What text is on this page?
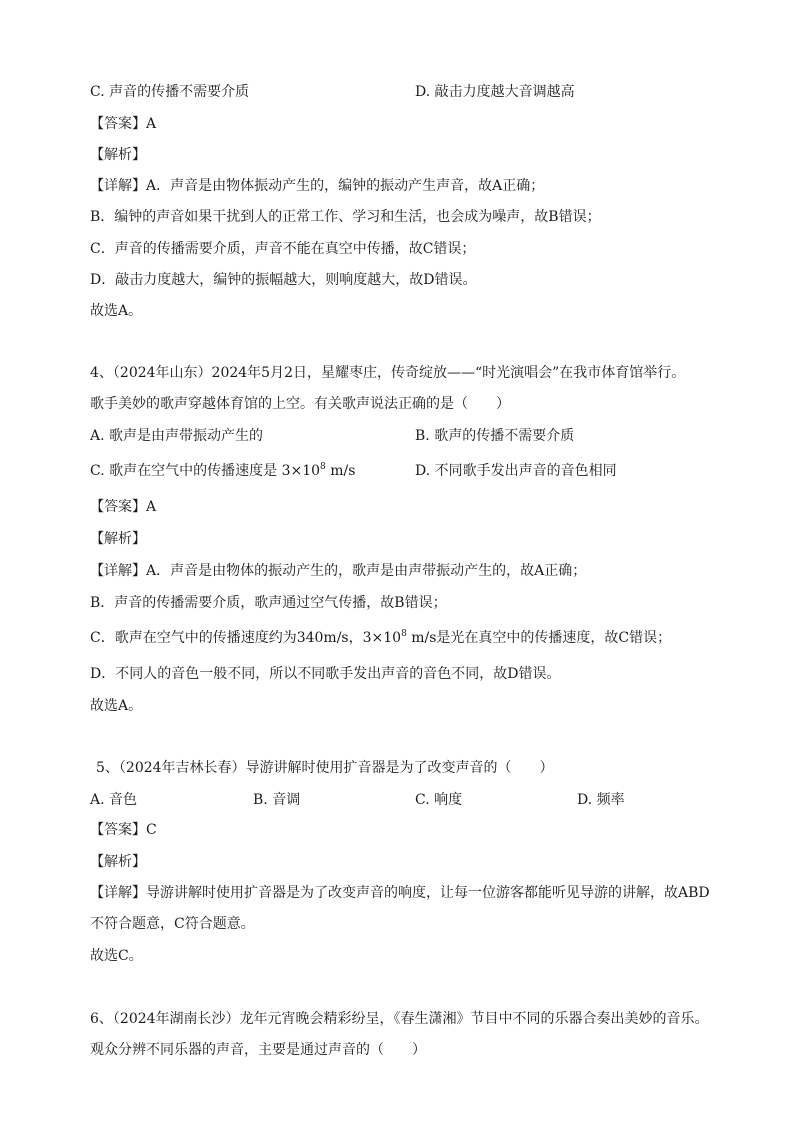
C. 声音的传播不需要介质	D. 敲击力度越大音调越高
【答案】A
【解析】
【详解】A．声音是由物体振动产生的，编钟的振动产生声音，故A正确；
B．编钟的声音如果干扰到人的正常工作、学习和生活，也会成为噪声，故B错误；
C．声音的传播需要介质，声音不能在真空中传播，故C错误；
D．敲击力度越大，编钟的振幅越大，则响度越大，故D错误。
故选A。
4、（2024年山东）2024年5月2日，星耀枣庄，传奇绽放——“时光演唱会”在我市体育馆举行。
歌手美妙的歌声穿越体育馆的上空。有关歌声说法正确的是（　　）
A. 歌声是由声带振动产生的	B. 歌声的传播不需要介质
C. 歌声在空气中的传播速度是 $3\times 10^8$ m/s	D. 不同歌手发出声音的音色相同
【答案】A
【解析】
【详解】A．声音是由物体的振动产生的，歌声是由声带振动产生的，故A正确；
B．声音的传播需要介质，歌声通过空气传播，故B错误；
C．歌声在空气中的传播速度约为340m/s，$3\times 10^8$ m/s是光在真空中的传播速度，故C错误；
D．不同人的音色一般不同，所以不同歌手发出声音的音色不同，故D错误。
故选A。
5、（2024年吉林长春）导游讲解时使用扩音器是为了改变声音的（　　）
A. 音色	B. 音调	C. 响度	D. 频率
【答案】C
【解析】
【详解】导游讲解时使用扩音器是为了改变声音的响度，让每一位游客都能听见导游的讲解，故ABD
不符合题意，C符合题意。
故选C。
6、（2024年湖南长沙）龙年元宵晚会精彩纷呈，《春生潇湘》节目中不同的乐器合奏出美妙的音乐。
观众分辨不同乐器的声音，主要是通过声音的（　　）
